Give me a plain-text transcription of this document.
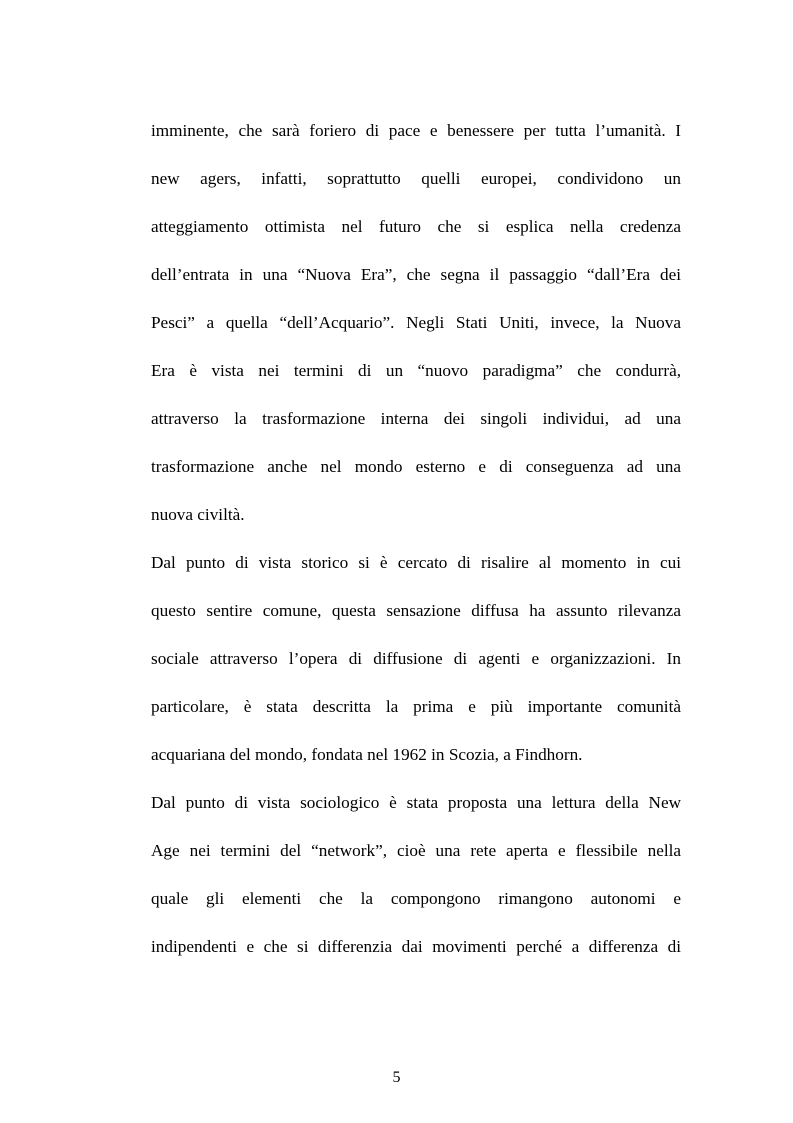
imminente, che sarà foriero di pace e benessere per tutta l’umanità. I
new agers, infatti, soprattutto quelli europei, condividono un
atteggiamento ottimista nel futuro che si esplica nella credenza
dell’entrata in una “Nuova Era”, che segna il passaggio “dall’Era dei
Pesci” a quella “dell’Acquario”. Negli Stati Uniti, invece, la Nuova
Era è vista nei termini di un “nuovo paradigma” che condurrà,
attraverso la trasformazione interna dei singoli individui, ad una
trasformazione anche nel mondo esterno e di conseguenza ad una
nuova civiltà.
Dal punto di vista storico si è cercato di risalire al momento in cui
questo sentire comune, questa sensazione diffusa ha assunto rilevanza
sociale attraverso l’opera di diffusione di agenti e organizzazioni. In
particolare, è stata descritta la prima e più importante comunità
acquariana del mondo, fondata nel 1962 in Scozia, a Findhorn.
Dal punto di vista sociologico è stata proposta una lettura della New
Age nei termini del “network”, cioè una rete aperta e flessibile nella
quale gli elementi che la compongono rimangono autonomi e
indipendenti e che si differenzia dai movimenti perché a differenza di
5
